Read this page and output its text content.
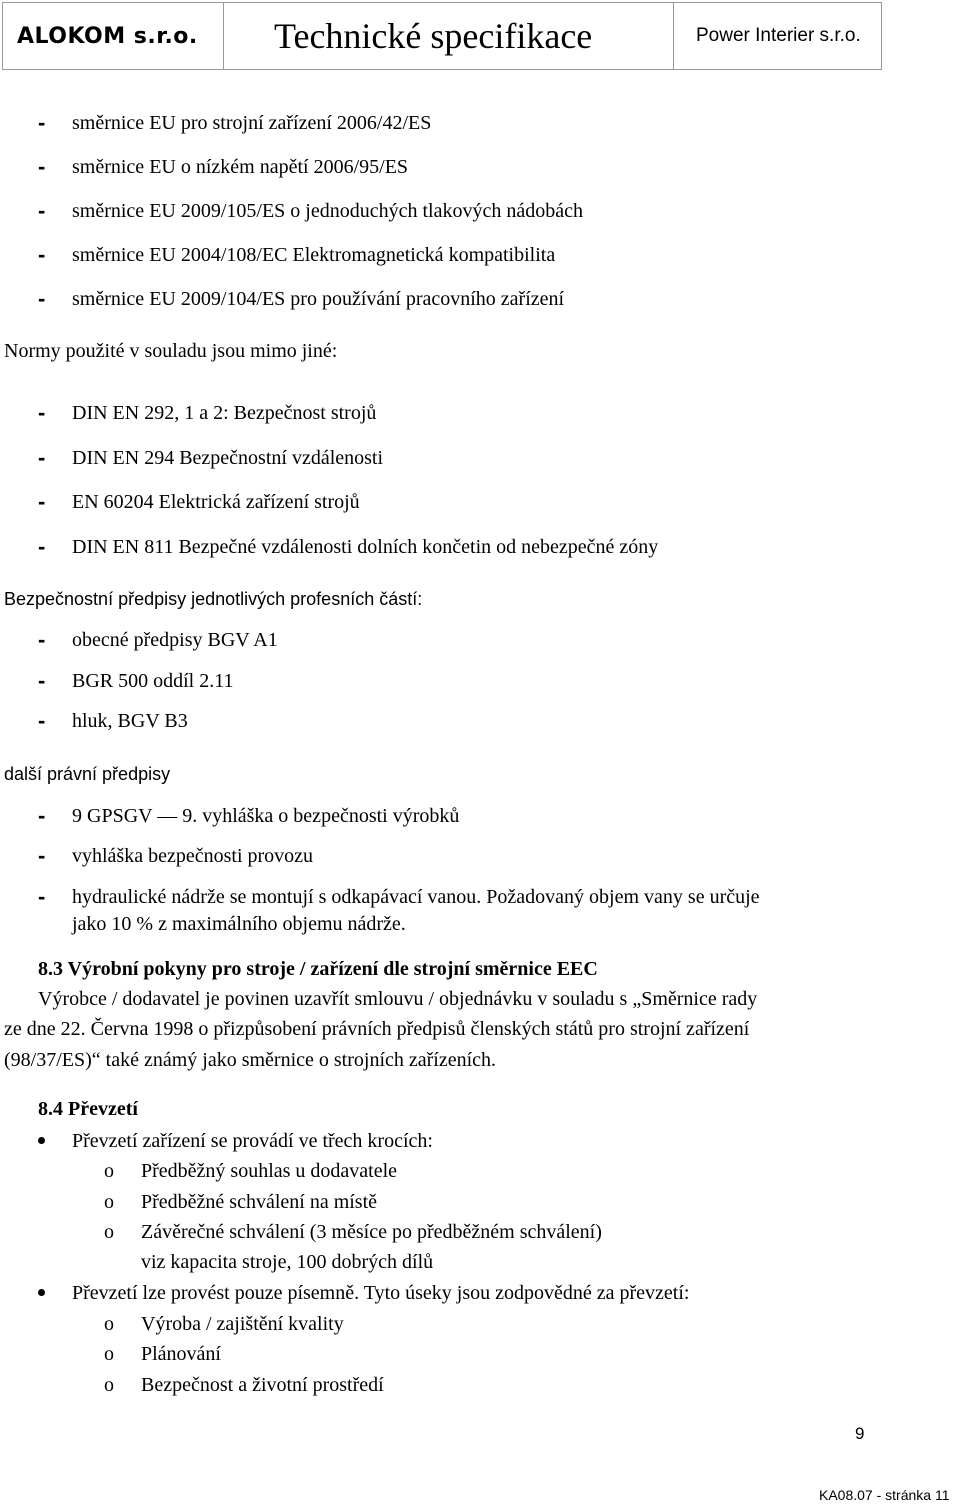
ALOKOM s.r.o.	Technické specifikace	Power Interier s.r.o.
- směrnice EU pro strojní zařízení 2006/42/ES
- směrnice EU o nízkém napětí 2006/95/ES
- směrnice EU 2009/105/ES o jednoduchých tlakových nádobách
- směrnice EU 2004/108/EC Elektromagnetická kompatibilita
- směrnice EU 2009/104/ES pro používání pracovního zařízení
Normy použité v souladu jsou mimo jiné:
- DIN EN 292, 1 a 2: Bezpečnost strojů
- DIN EN 294 Bezpečnostní vzdálenosti
- EN 60204 Elektrická zařízení strojů
- DIN EN 811 Bezpečné vzdálenosti dolních končetin od nebezpečné zóny
Bezpečnostní předpisy jednotlivých profesních částí:
- obecné předpisy BGV A1
- BGR 500 oddíl 2.11
- hluk, BGV B3
další právní předpisy
- 9 GPSGV — 9. vyhláška o bezpečnosti výrobků
- vyhláška bezpečnosti provozu
- hydraulické nádrže se montují s odkapávací vanou. Požadovaný objem vany se určuje
jako 10 % z maximálního objemu nádrže.
8.3 Výrobní pokyny pro stroje / zařízení dle strojní směrnice EEC
Výrobce / dodavatel je povinen uzavřít smlouvu / objednávku v souladu s „Směrnice rady
ze dne 22. Června 1998 o přizpůsobení právních předpisů členských států pro strojní zařízení
(98/37/ES)“ také známý jako směrnice o strojních zařízeních.
8.4 Převzetí
Převzetí zařízení se provádí ve třech krocích:
o Předběžný souhlas u dodavatele
o Předběžné schválení na místě
o Závěrečné schválení (3 měsíce po předběžném schválení)
viz kapacita stroje, 100 dobrých dílů
Převzetí lze provést pouze písemně. Tyto úseky jsou zodpovědné za převzetí:
o Výroba / zajištění kvality
o Plánování
o Bezpečnost a životní prostředí
9
KA08.07 - stránka 11
